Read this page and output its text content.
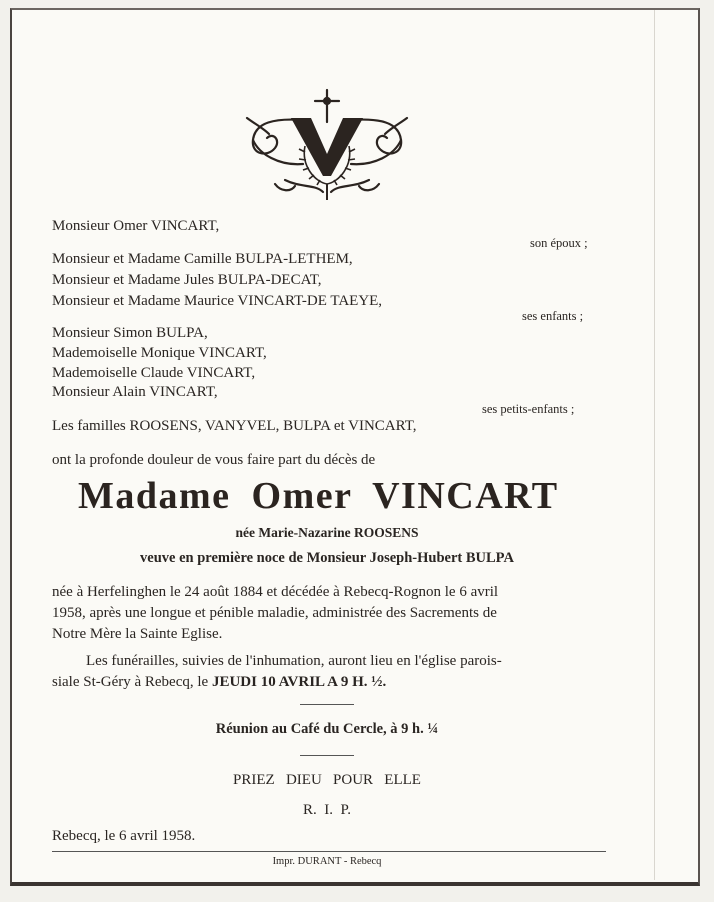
Monsieur Omer VINCART,
son époux ;
Monsieur et Madame Camille BULPA-LETHEM,
Monsieur et Madame Jules BULPA-DECAT,
Monsieur et Madame Maurice VINCART-DE TAEYE,
ses enfants ;
Monsieur Simon BULPA,
Mademoiselle Monique VINCART,
Mademoiselle Claude VINCART,
Monsieur Alain VINCART,
ses petits-enfants ;
Les familles ROOSENS, VANYVEL, BULPA et VINCART,
ont la profonde douleur de vous faire part du décès de
Madame Omer VINCART
née Marie-Nazarine ROOSENS
veuve en première noce de Monsieur Joseph-Hubert BULPA
née à Herfelinghen le 24 août 1884 et décédée à Rebecq-Rognon le 6 avril
1958, après une longue et pénible maladie, administrée des Sacrements de
Notre Mère la Sainte Eglise.
Les funérailles, suivies de l'inhumation, auront lieu en l'église parois-
siale St-Géry à Rebecq, le JEUDI 10 AVRIL A 9 H. ½.
Réunion au Café du Cercle, à 9 h. ¼
PRIEZ   DIEU   POUR   ELLE
R.  I.  P.
Rebecq, le 6 avril 1958.
Impr. DURANT - Rebecq
